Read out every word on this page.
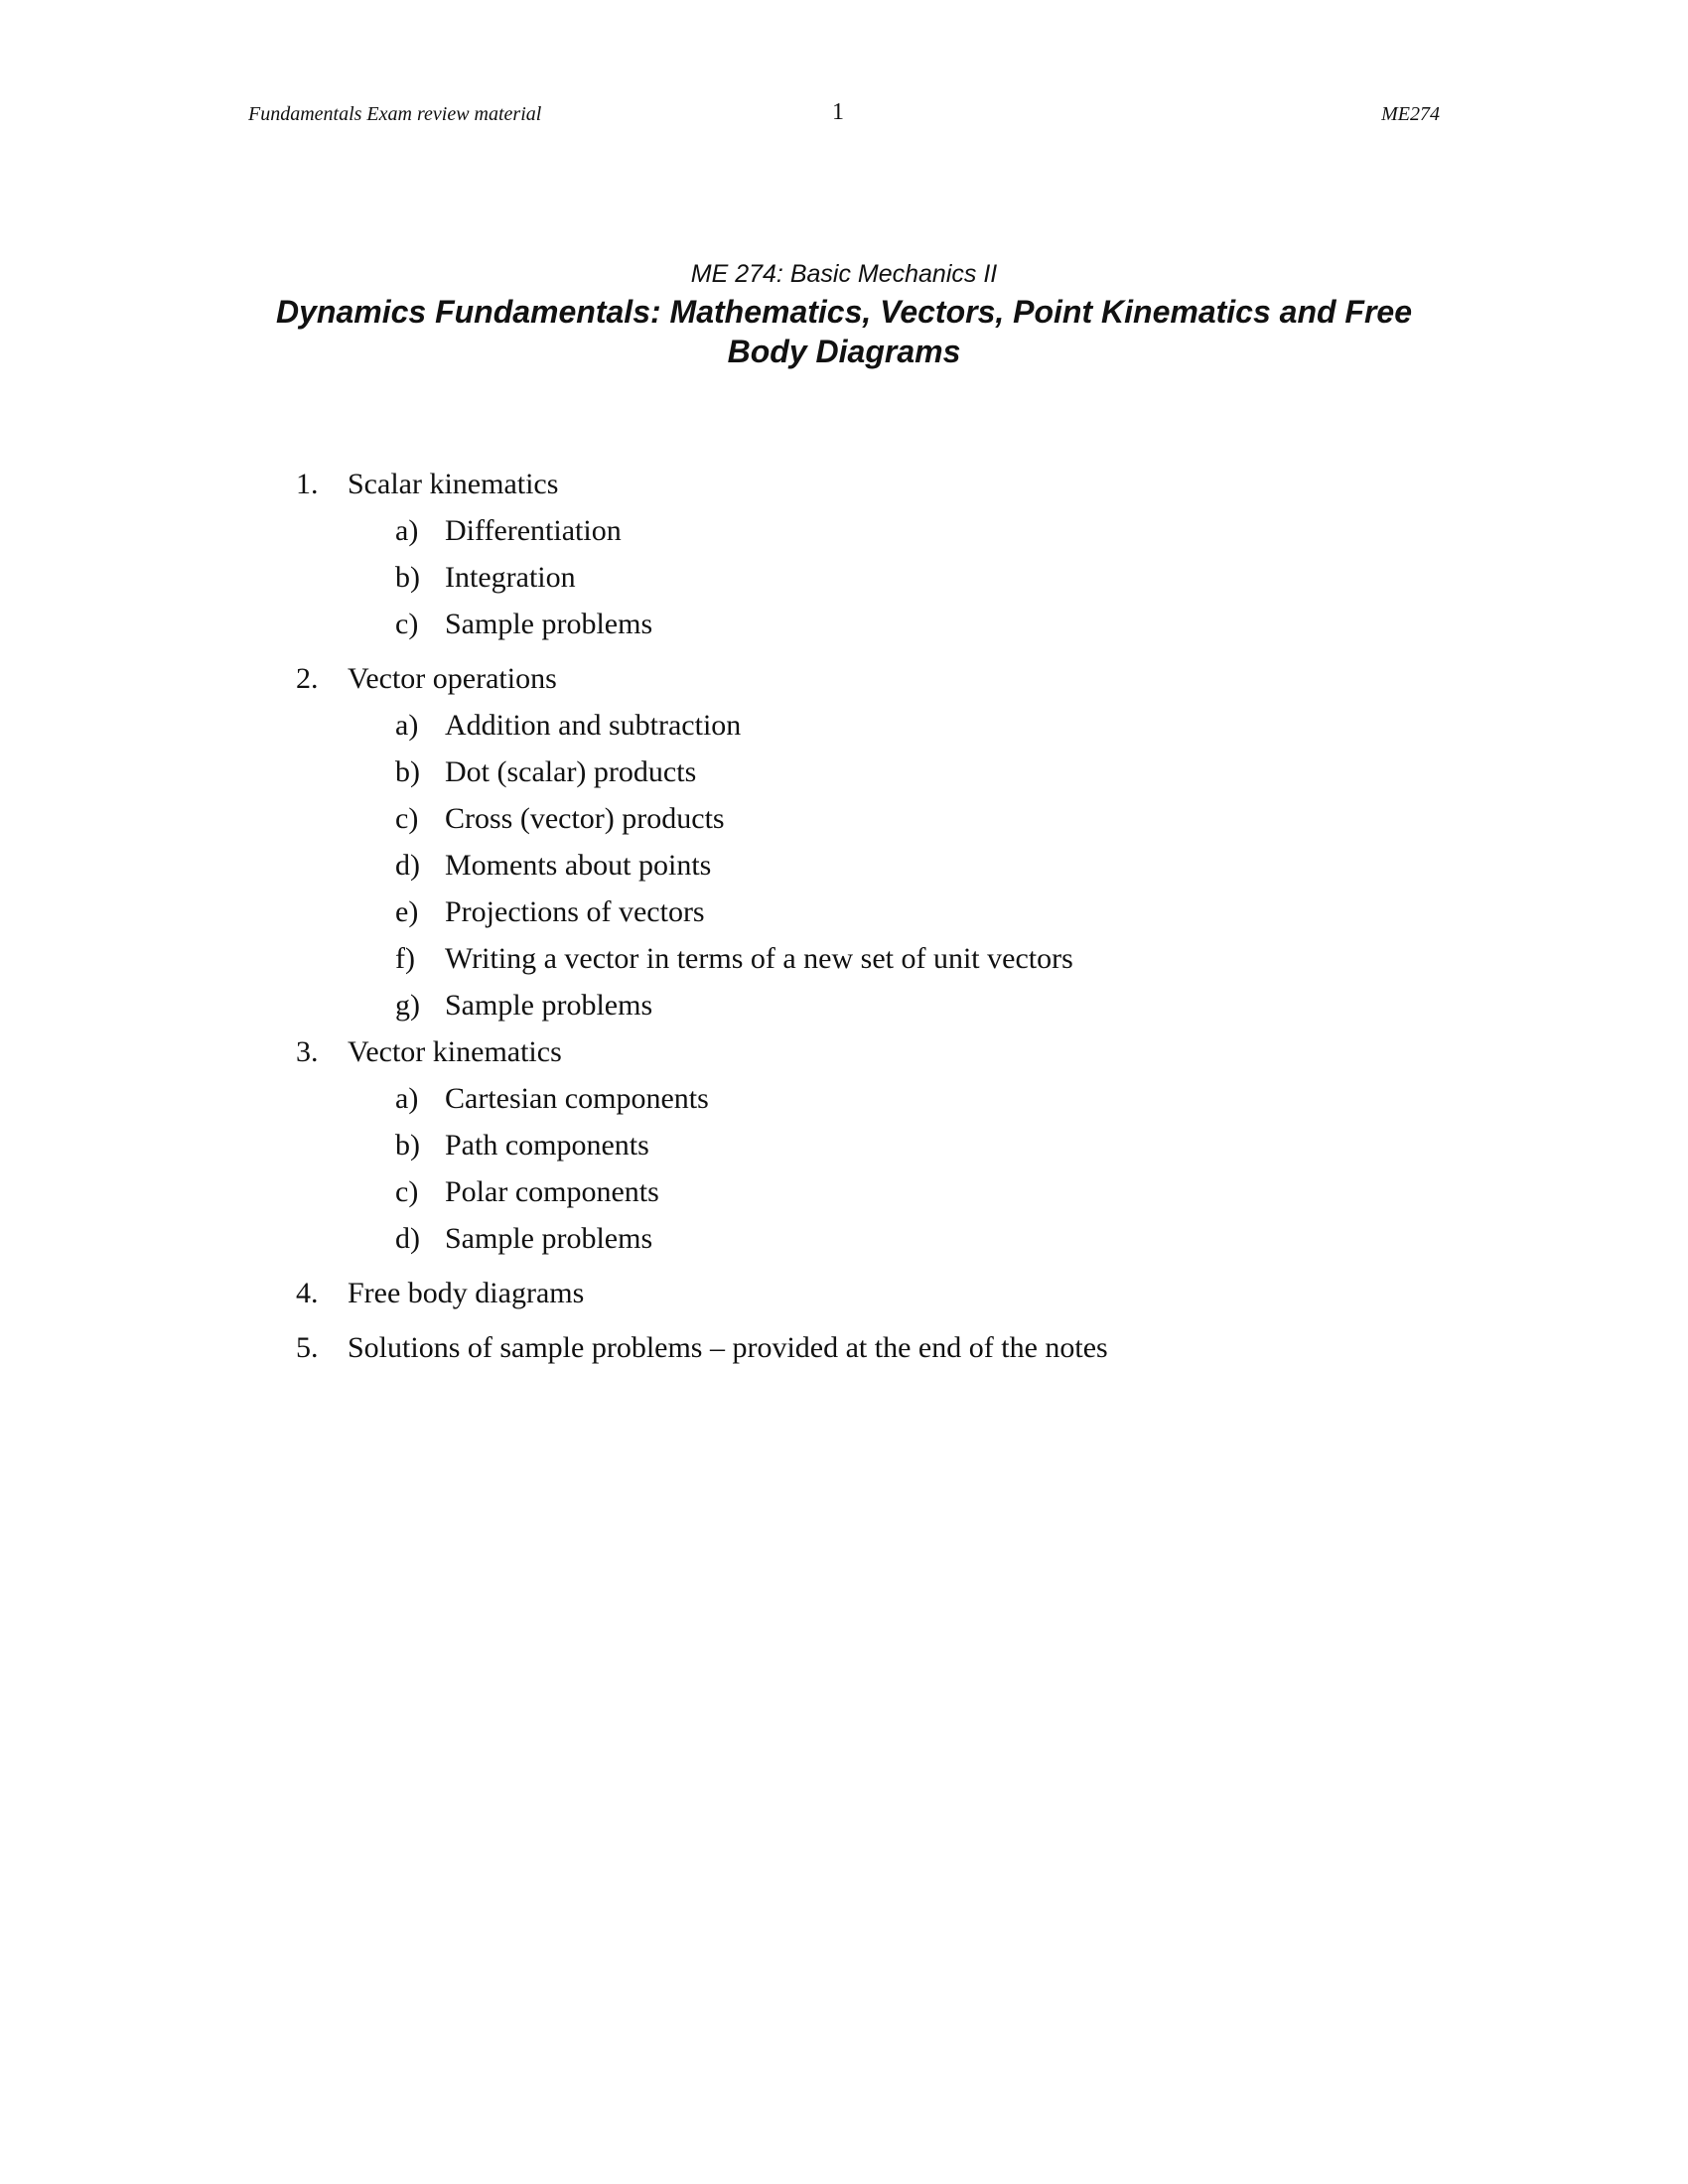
Fundamentals Exam review material	1	ME274
ME 274: Basic Mechanics II
Dynamics Fundamentals: Mathematics, Vectors, Point Kinematics and Free
Body Diagrams
1. Scalar kinematics
a) Differentiation
b) Integration
c) Sample problems
2. Vector operations
a) Addition and subtraction
b) Dot (scalar) products
c) Cross (vector) products
d) Moments about points
e) Projections of vectors
f) Writing a vector in terms of a new set of unit vectors
g) Sample problems
3. Vector kinematics
a) Cartesian components
b) Path components
c) Polar components
d) Sample problems
4. Free body diagrams
5. Solutions of sample problems – provided at the end of the notes
